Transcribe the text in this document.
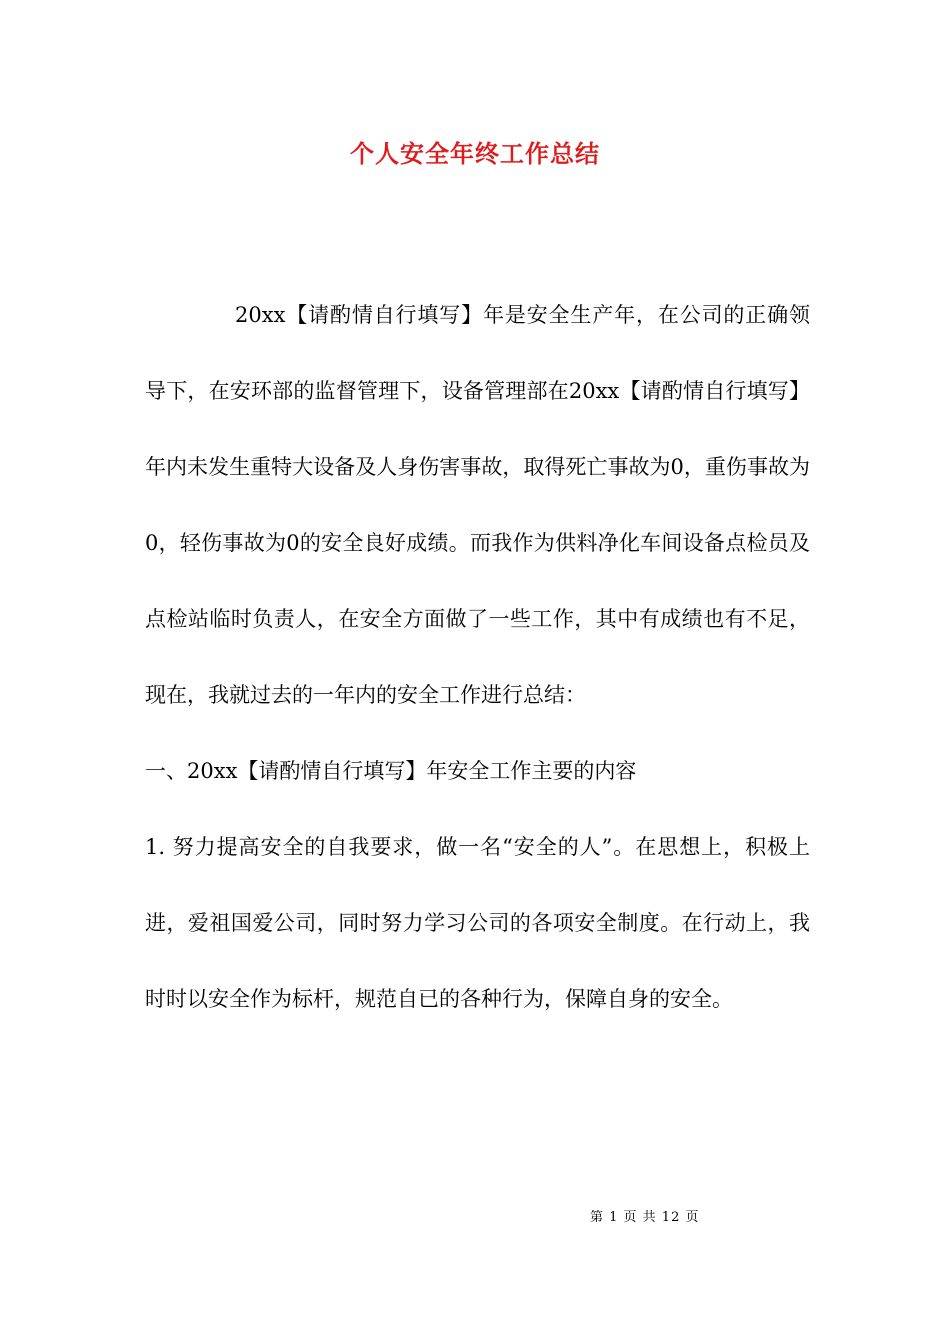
个人安全年终工作总结

20xx【请酌情自行填写】年是安全生产年，在公司的正确领导下，在安环部的监督管理下，设备管理部在20xx【请酌情自行填写】年内未发生重特大设备及人身伤害事故，取得死亡事故为0，重伤事故为0，轻伤事故为0的安全良好成绩。而我作为供料净化车间设备点检员及点检站临时负责人，在安全方面做了一些工作，其中有成绩也有不足，现在，我就过去的一年内的安全工作进行总结：

一、20xx【请酌情自行填写】年安全工作主要的内容

1. 努力提高安全的自我要求，做一名“安全的人”。在思想上，积极上进，爱祖国爱公司，同时努力学习公司的各项安全制度。在行动上，我时时以安全作为标杆，规范自已的各种行为，保障自身的安全。

第 1 页 共 12 页
